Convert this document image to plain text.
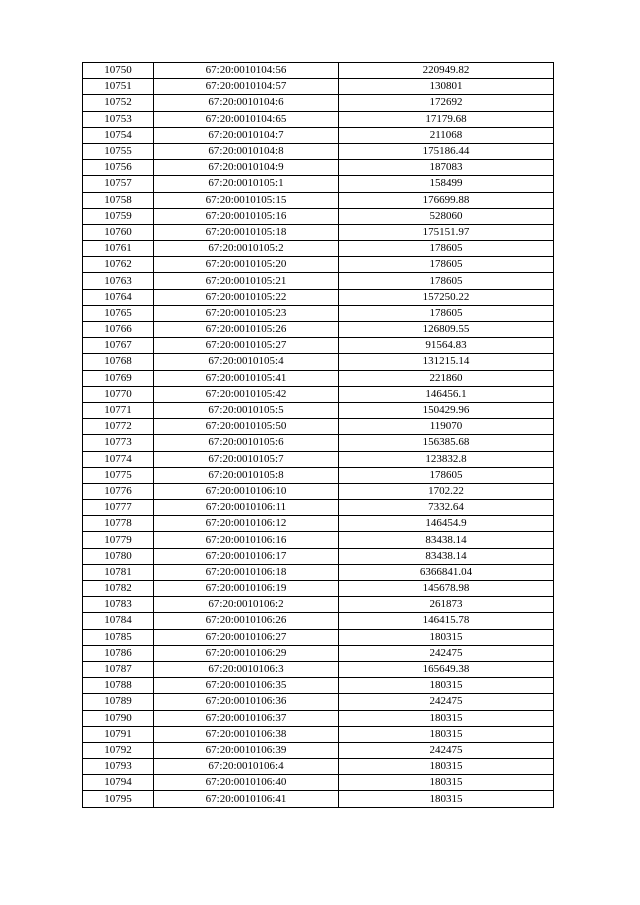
10750	67:20:0010104:56	220949.82
10751	67:20:0010104:57	130801
10752	67:20:0010104:6	172692
10753	67:20:0010104:65	17179.68
10754	67:20:0010104:7	211068
10755	67:20:0010104:8	175186.44
10756	67:20:0010104:9	187083
10757	67:20:0010105:1	158499
10758	67:20:0010105:15	176699.88
10759	67:20:0010105:16	528060
10760	67:20:0010105:18	175151.97
10761	67:20:0010105:2	178605
10762	67:20:0010105:20	178605
10763	67:20:0010105:21	178605
10764	67:20:0010105:22	157250.22
10765	67:20:0010105:23	178605
10766	67:20:0010105:26	126809.55
10767	67:20:0010105:27	91564.83
10768	67:20:0010105:4	131215.14
10769	67:20:0010105:41	221860
10770	67:20:0010105:42	146456.1
10771	67:20:0010105:5	150429.96
10772	67:20:0010105:50	119070
10773	67:20:0010105:6	156385.68
10774	67:20:0010105:7	123832.8
10775	67:20:0010105:8	178605
10776	67:20:0010106:10	1702.22
10777	67:20:0010106:11	7332.64
10778	67:20:0010106:12	146454.9
10779	67:20:0010106:16	83438.14
10780	67:20:0010106:17	83438.14
10781	67:20:0010106:18	6366841.04
10782	67:20:0010106:19	145678.98
10783	67:20:0010106:2	261873
10784	67:20:0010106:26	146415.78
10785	67:20:0010106:27	180315
10786	67:20:0010106:29	242475
10787	67:20:0010106:3	165649.38
10788	67:20:0010106:35	180315
10789	67:20:0010106:36	242475
10790	67:20:0010106:37	180315
10791	67:20:0010106:38	180315
10792	67:20:0010106:39	242475
10793	67:20:0010106:4	180315
10794	67:20:0010106:40	180315
10795	67:20:0010106:41	180315
